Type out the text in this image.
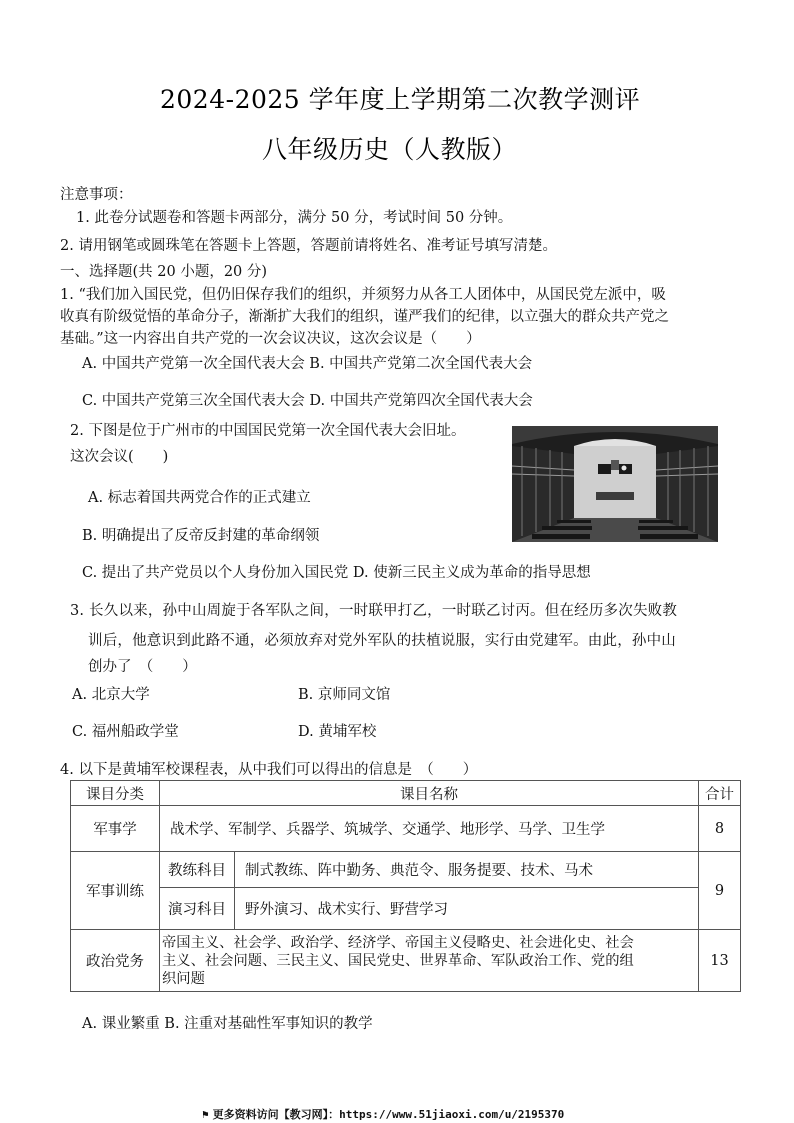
2024-2025 学年度上学期第二次教学测评
八年级历史（人教版）
注意事项：
1. 此卷分试题卷和答题卡两部分，满分 50 分，考试时间 50 分钟。
2. 请用钢笔或圆珠笔在答题卡上答题，答题前请将姓名、准考证号填写清楚。
一、选择题(共 20 小题，20 分)
1. “我们加入国民党，但仍旧保存我们的组织，并须努力从各工人团体中，从国民党左派中，吸
收真有阶级觉悟的革命分子，渐渐扩大我们的组织，谨严我们的纪律，以立强大的群众共产党之
基础。”这一内容出自共产党的一次会议决议，这次会议是（　　）
A. 中国共产党第一次全国代表大会 B. 中国共产党第二次全国代表大会
C. 中国共产党第三次全国代表大会 D. 中国共产党第四次全国代表大会
2. 下图是位于广州市的中国国民党第一次全国代表大会旧址。
这次会议(　　)
A. 标志着国共两党合作的正式建立
B. 明确提出了反帝反封建的革命纲领
C. 提出了共产党员以个人身份加入国民党 D. 使新三民主义成为革命的指导思想
3. 长久以来，孙中山周旋于各军队之间，一时联甲打乙，一时联乙讨丙。但在经历多次失败教
训后，他意识到此路不通，必须放弃对党外军队的扶植说服，实行由党建军。由此，孙中山
创办了　（　　）
A. 北京大学	B. 京师同文馆
C. 福州船政学堂	D. 黄埔军校
4. 以下是黄埔军校课程表，从中我们可以得出的信息是　（　　）
课目分类	课目名称		合计
军事学	战术学、军制学、兵器学、筑城学、交通学、地形学、马学、卫生学		8
军事训练	教练科目	制式教练、阵中勤务、典范令、服务提要、技术、马术	9
	演习科目	野外演习、战术实行、野营学习	
政治党务	帝国主义、社会学、政治学、经济学、帝国主义侵略史、社会进化史、社会
主义、社会问题、三民主义、国民党史、世界革命、军队政治工作、党的组
织问题		13
A. 课业繁重 B. 注重对基础性军事知识的教学
⚑ 更多资料访问【教习网】：https://www.51jiaoxi.com/u/2195370
